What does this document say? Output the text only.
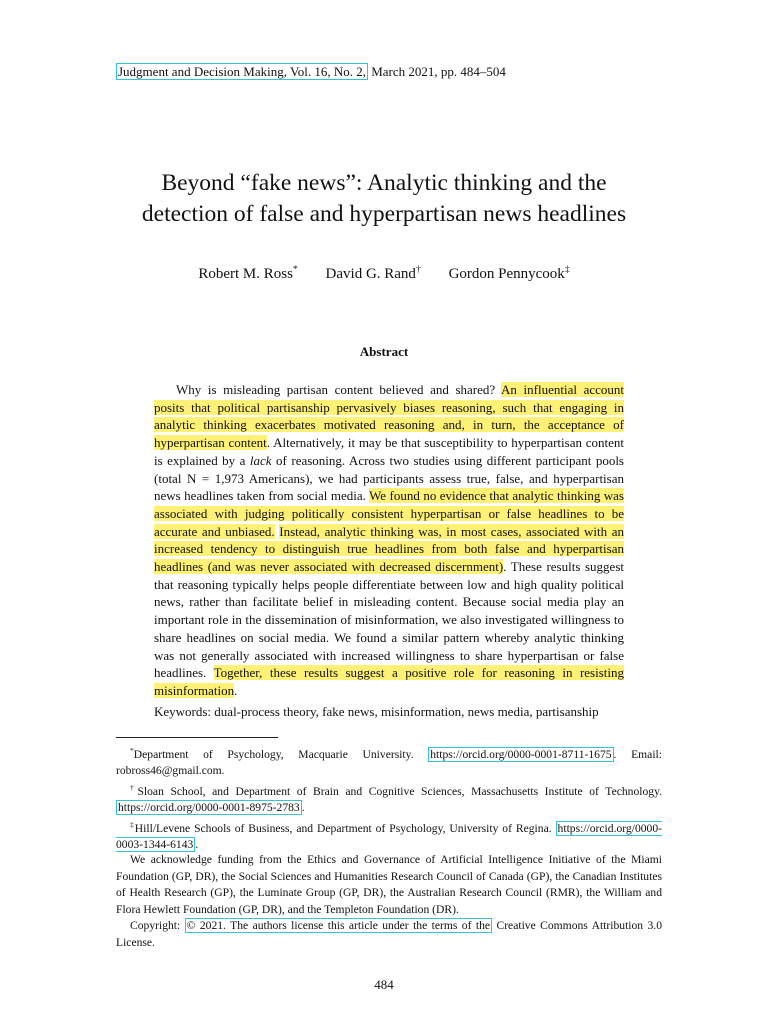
Judgment and Decision Making, Vol. 16, No. 2, March 2021, pp. 484–504
Beyond “fake news”: Analytic thinking and the
detection of false and hyperpartisan news headlines
Robert M. Ross* David G. Rand† Gordon Pennycook‡
Abstract
Why is misleading partisan content believed and shared? An influential account posits that political partisanship pervasively biases reasoning, such that engaging in analytic thinking exacerbates motivated reasoning and, in turn, the acceptance of hyperpartisan content. Alternatively, it may be that susceptibility to hyperpartisan content is explained by a lack of reasoning. Across two studies using different participant pools (total N = 1,973 Americans), we had participants assess true, false, and hyperpartisan news headlines taken from social media. We found no evidence that analytic thinking was associated with judging politically consistent hyperpartisan or false headlines to be accurate and unbiased. Instead, analytic thinking was, in most cases, associated with an increased tendency to distinguish true headlines from both false and hyperpartisan headlines (and was never associated with decreased discernment). These results suggest that reasoning typically helps people differentiate between low and high quality political news, rather than facilitate belief in misleading content. Because social media play an important role in the dissemination of misinformation, we also investigated willingness to share headlines on social media. We found a similar pattern whereby analytic thinking was not generally associated with increased willingness to share hyperpartisan or false headlines. Together, these results suggest a positive role for reasoning in resisting misinformation.
Keywords: dual-process theory, fake news, misinformation, news media, partisanship

*Department of Psychology, Macquarie University. https://orcid.org/0000-0001-8711-1675 . Email: robross46@gmail.com.

†Sloan School, and Department of Brain and Cognitive Sciences, Massachusetts Institute of Technology. https://orcid.org/0000-0001-8975-2783 .

‡Hill/Levene Schools of Business, and Department of Psychology, University of Regina. https://orcid.org/0000-0003-1344-6143 .

We acknowledge funding from the Ethics and Governance of Artificial Intelligence Initiative of the Miami Foundation (GP, DR), the Social Sciences and Humanities Research Council of Canada (GP), the Canadian Institutes of Health Research (GP), the Luminate Group (GP, DR), the Australian Research Council (RMR), the William and Flora Hewlett Foundation (GP, DR), and the Templeton Foundation (DR).

Copyright: © 2021. The authors license this article under the terms of the Creative Commons Attribution 3.0 License.

484
